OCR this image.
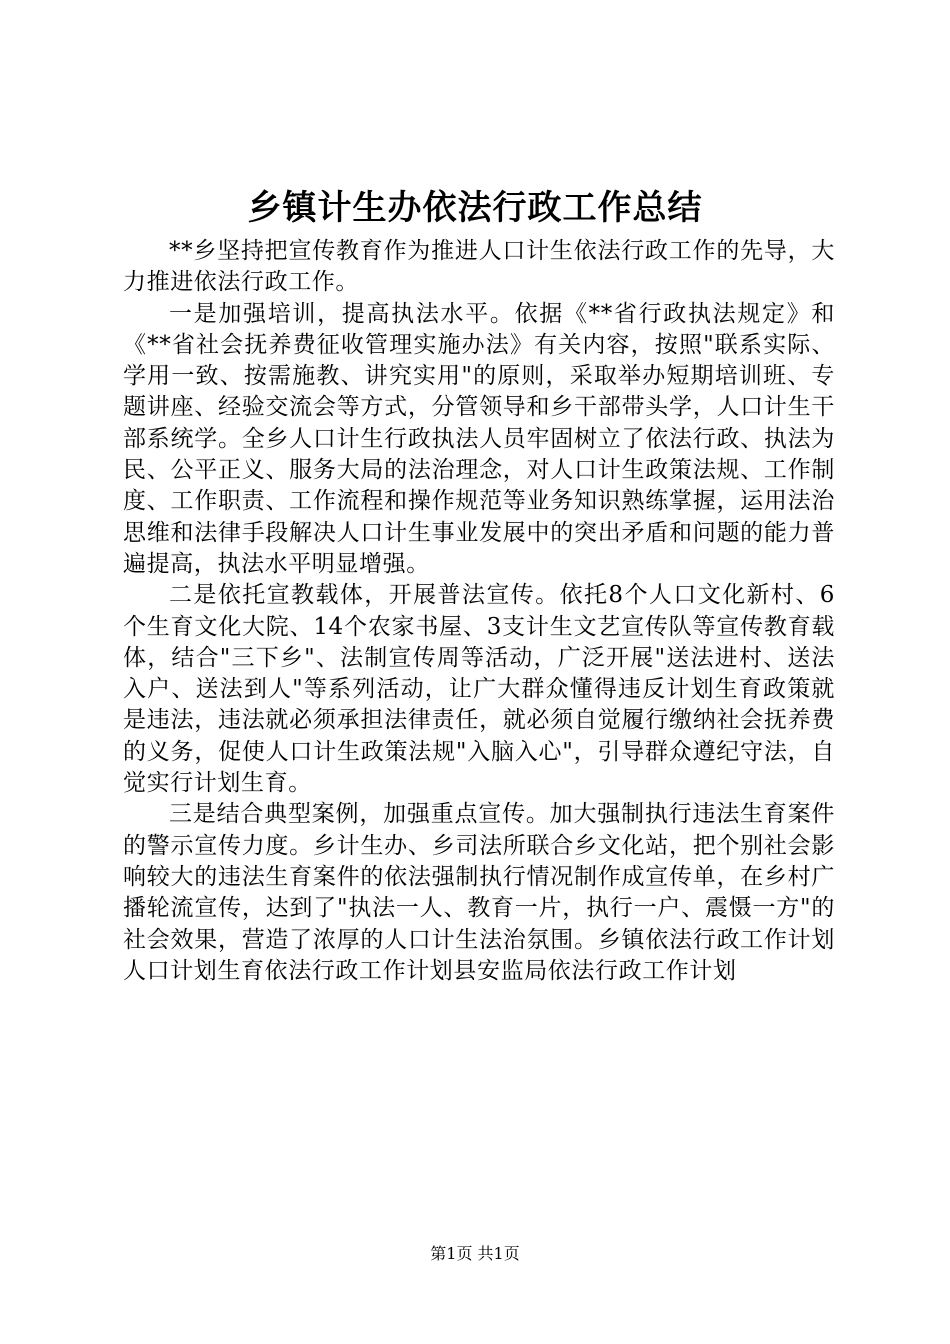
乡镇计生办依法行政工作总结

**乡坚持把宣传教育作为推进人口计生依法行政工作的先导，大力推进依法行政工作。

一是加强培训，提高执法水平。依据《**省行政执法规定》和《**省社会抚养费征收管理实施办法》有关内容，按照"联系实际、学用一致、按需施教、讲究实用"的原则，采取举办短期培训班、专题讲座、经验交流会等方式，分管领导和乡干部带头学，人口计生干部系统学。全乡人口计生行政执法人员牢固树立了依法行政、执法为民、公平正义、服务大局的法治理念，对人口计生政策法规、工作制度、工作职责、工作流程和操作规范等业务知识熟练掌握，运用法治思维和法律手段解决人口计生事业发展中的突出矛盾和问题的能力普遍提高，执法水平明显增强。

二是依托宣教载体，开展普法宣传。依托8个人口文化新村、6个生育文化大院、14个农家书屋、3支计生文艺宣传队等宣传教育载体，结合"三下乡"、法制宣传周等活动，广泛开展"送法进村、送法入户、送法到人"等系列活动，让广大群众懂得违反计划生育政策就是违法，违法就必须承担法律责任，就必须自觉履行缴纳社会抚养费的义务，促使人口计生政策法规"入脑入心"，引导群众遵纪守法，自觉实行计划生育。

三是结合典型案例，加强重点宣传。加大强制执行违法生育案件的警示宣传力度。乡计生办、乡司法所联合乡文化站，把个别社会影响较大的违法生育案件的依法强制执行情况制作成宣传单，在乡村广播轮流宣传，达到了"执法一人、教育一片，执行一户、震慑一方"的社会效果，营造了浓厚的人口计生法治氛围。乡镇依法行政工作计划人口计划生育依法行政工作计划县安监局依法行政工作计划

第1页 共1页
